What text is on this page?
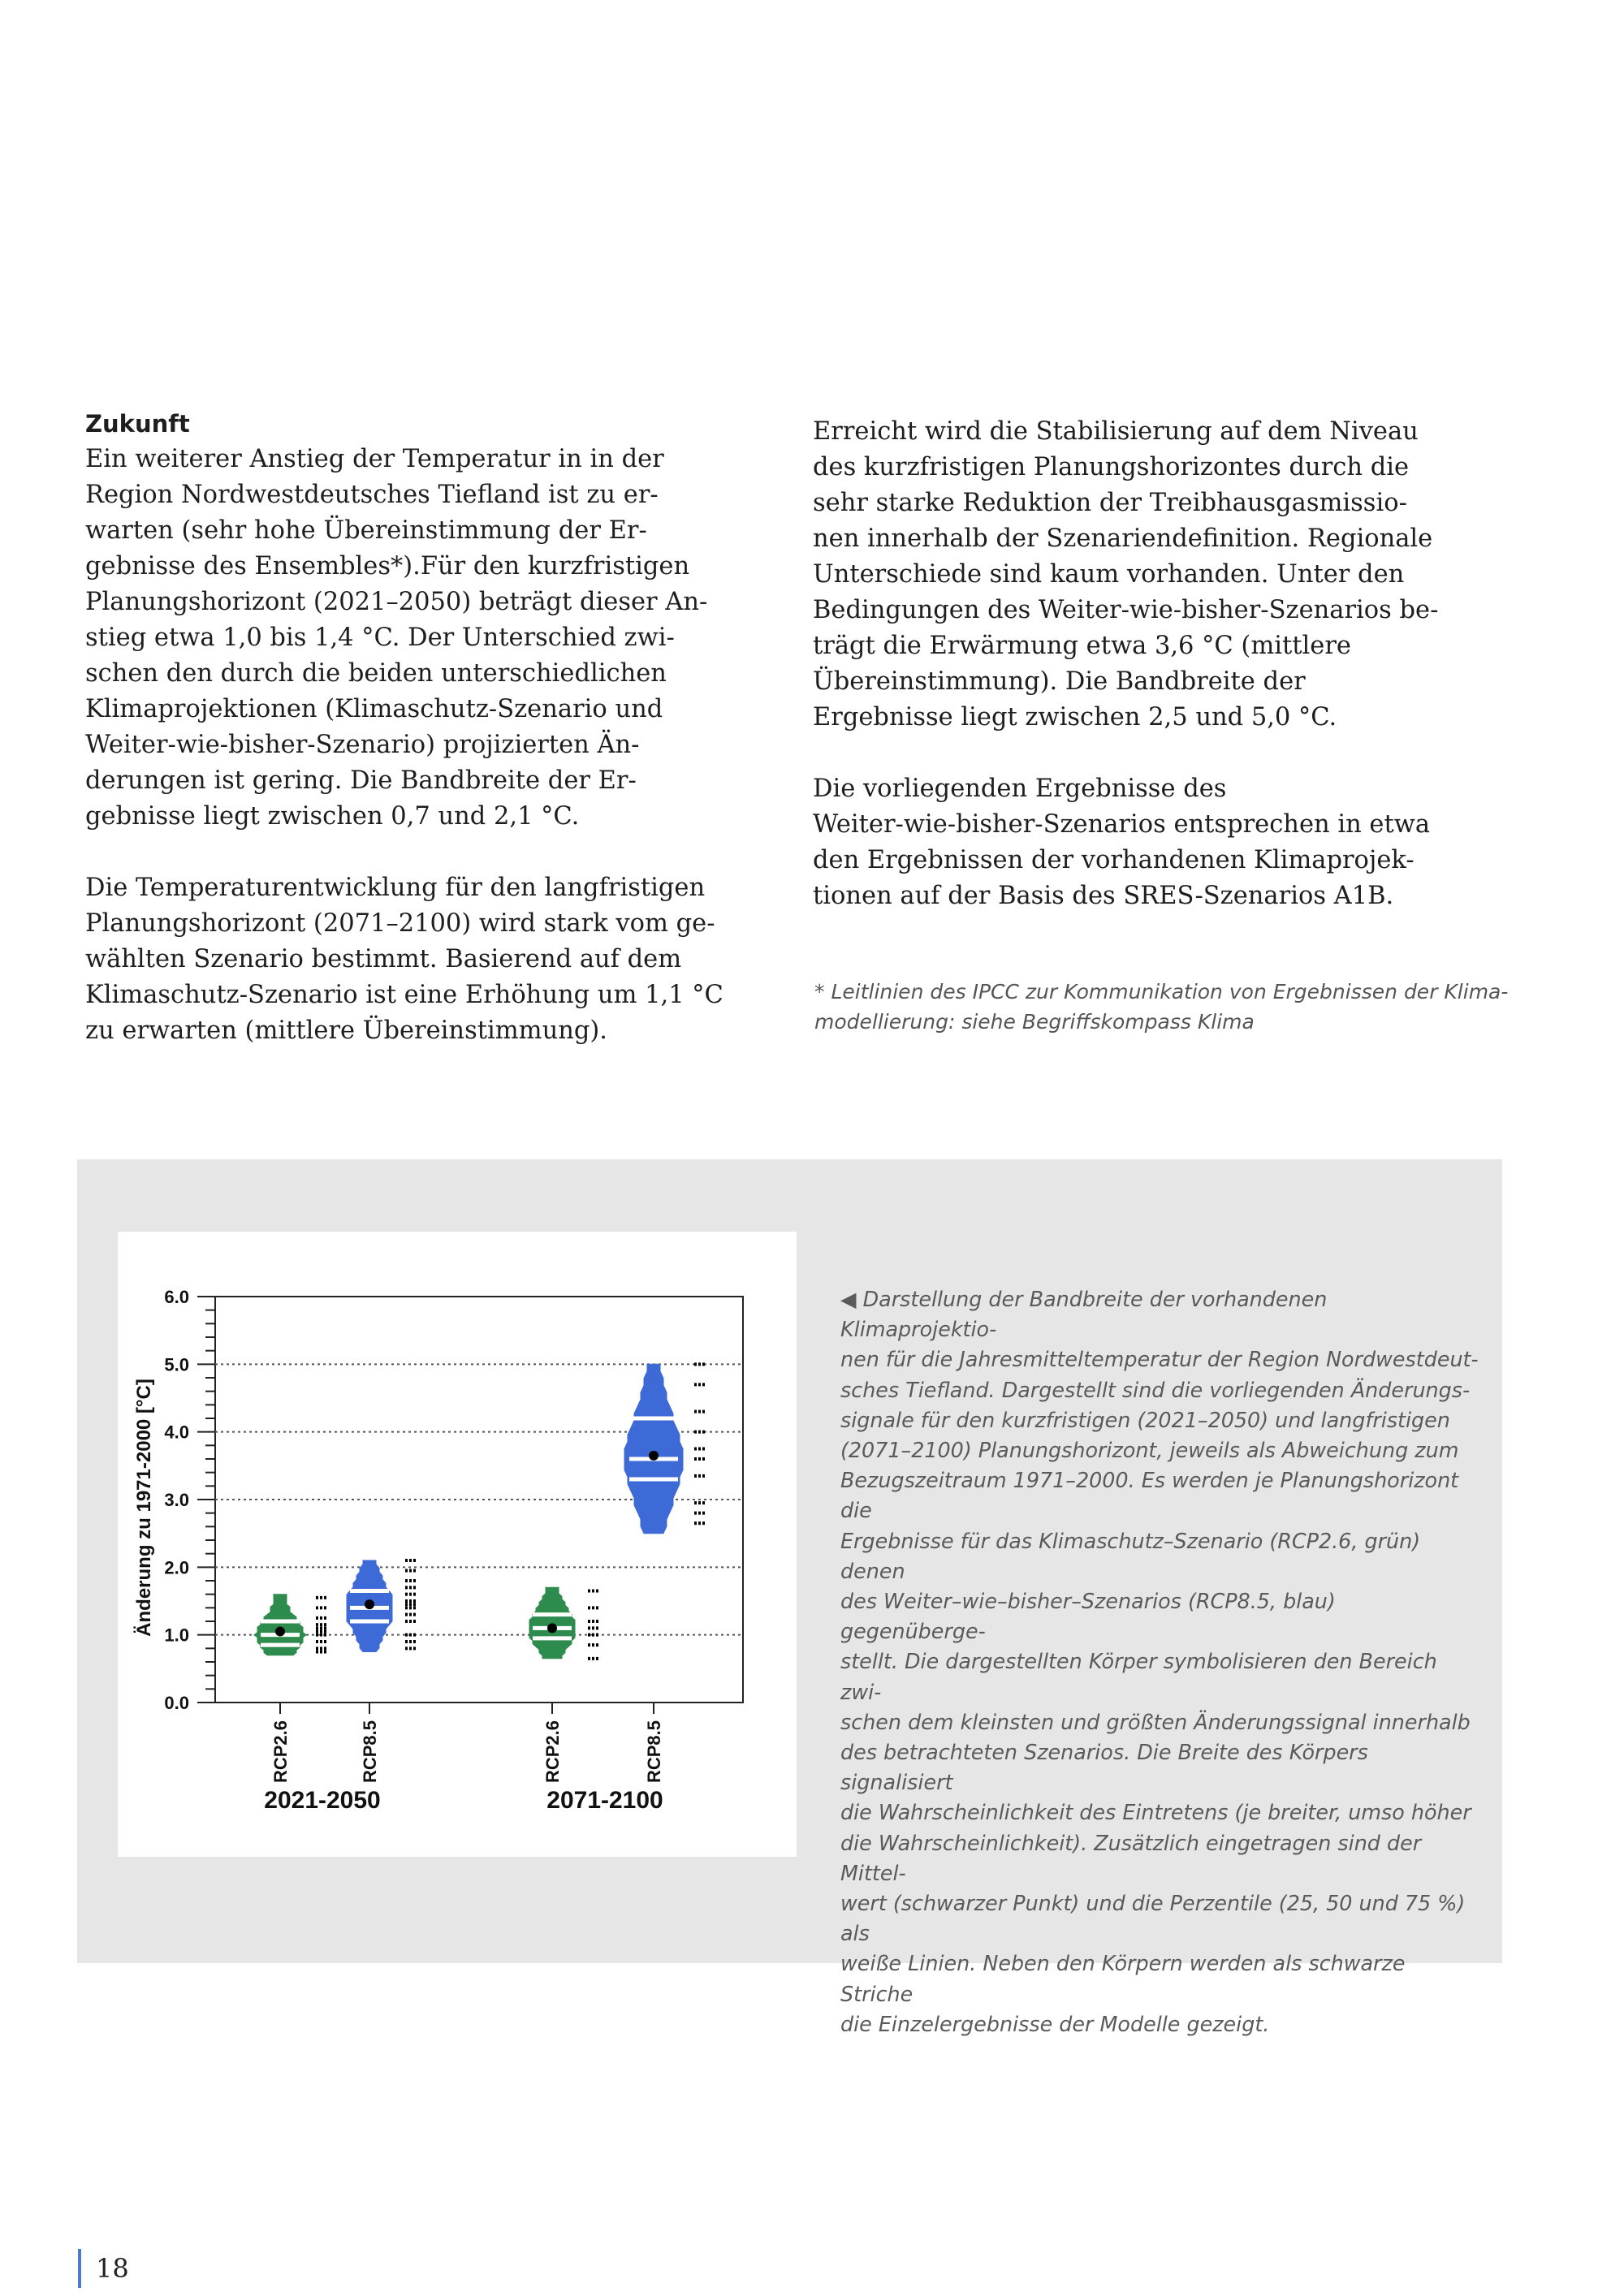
Zukunft

Ein weiterer Anstieg der Temperatur in in der
Region Nordwestdeutsches Tiefland ist zu er-
warten (sehr hohe Übereinstimmung der Er-
gebnisse des Ensembles*).Für den kurzfristigen
Planungshorizont (2021–2050) beträgt dieser An-
stieg etwa 1,0 bis 1,4 °C. Der Unterschied zwi-
schen den durch die beiden unterschiedlichen
Klimaprojektionen (Klimaschutz-Szenario und
Weiter-wie-bisher-Szenario) projizierten Än-
derungen ist gering. Die Bandbreite der Er-
gebnisse liegt zwischen 0,7 und 2,1 °C.

Die Temperaturentwicklung für den langfristigen
Planungshorizont (2071–2100) wird stark vom ge-
wählten Szenario bestimmt. Basierend auf dem
Klimaschutz-Szenario ist eine Erhöhung um 1,1 °C
zu erwarten (mittlere Übereinstimmung).

Erreicht wird die Stabilisierung auf dem Niveau
des kurzfristigen Planungshorizontes durch die
sehr starke Reduktion der Treibhausgasmissio-
nen innerhalb der Szenariendefinition. Regionale
Unterschiede sind kaum vorhanden. Unter den
Bedingungen des Weiter-wie-bisher-Szenarios be-
trägt die Erwärmung etwa 3,6 °C (mittlere
Übereinstimmung). Die Bandbreite der
Ergebnisse liegt zwischen 2,5 und 5,0 °C.

Die vorliegenden Ergebnisse des
Weiter-wie-bisher-Szenarios entsprechen in etwa
den Ergebnissen der vorhandenen Klimaprojek-
tionen auf der Basis des SRES-Szenarios A1B.

* Leitlinien des IPCC zur Kommunikation von Ergebnissen der Klima-
modellierung: siehe Begriffskompass Klima
0.0
1.0
2.0
3.0
4.0
5.0
6.0
Änderung zu 1971-2000 [°C]
RCP2.6	RCP8.5	RCP2.6	RCP8.5
2021-2050	2071-2100
◀ Darstellung der Bandbreite der vorhandenen Klimaprojektio-
nen für die Jahresmitteltemperatur der Region Nordwestdeut-
sches Tiefland. Dargestellt sind die vorliegenden Änderungs-
signale für den kurzfristigen (2021–2050) und langfristigen
(2071–2100) Planungshorizont, jeweils als Abweichung zum
Bezugszeitraum 1971–2000. Es werden je Planungshorizont die
Ergebnisse für das Klimaschutz–Szenario (RCP2.6, grün) denen
des Weiter–wie–bisher–Szenarios (RCP8.5, blau) gegenüberge-
stellt. Die dargestellten Körper symbolisieren den Bereich zwi-
schen dem kleinsten und größten Änderungssignal innerhalb
des betrachteten Szenarios. Die Breite des Körpers signalisiert
die Wahrscheinlichkeit des Eintretens (je breiter, umso höher
die Wahrscheinlichkeit). Zusätzlich eingetragen sind der Mittel-
wert (schwarzer Punkt) und die Perzentile (25, 50 und 75 %) als
weiße Linien. Neben den Körpern werden als schwarze Striche
die Einzelergebnisse der Modelle gezeigt.
18
